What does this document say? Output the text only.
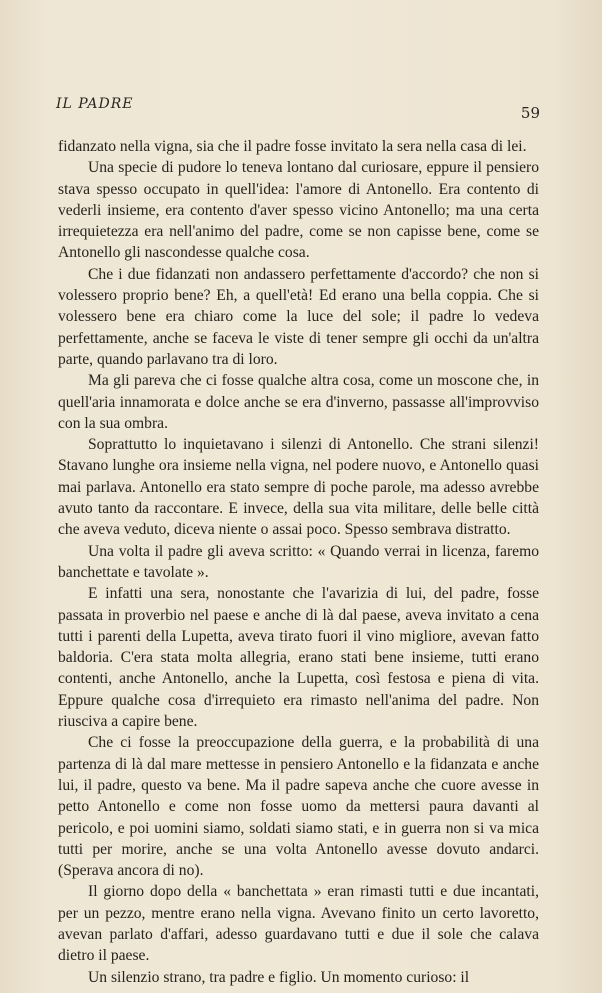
IL PADRE	59

fidanzato nella vigna, sia che il padre fosse invitato la sera nella casa di lei.

Una specie di pudore lo teneva lontano dal curiosare, eppure il pensiero stava spesso occupato in quell'idea: l'amore di Antonello. Era contento di vederli insieme, era contento d'aver spesso vicino Antonello; ma una certa irrequietezza era nell'animo del padre, come se non capisse bene, come se Antonello gli nascondesse qualche cosa.

Che i due fidanzati non andassero perfettamente d'accordo? che non si volessero proprio bene? Eh, a quell'età! Ed erano una bella coppia. Che si volessero bene era chiaro come la luce del sole; il padre lo vedeva perfettamente, anche se faceva le viste di tener sempre gli occhi da un'altra parte, quando parlavano tra di loro.

Ma gli pareva che ci fosse qualche altra cosa, come un moscone che, in quell'aria innamorata e dolce anche se era d'inverno, passasse all'improvviso con la sua ombra.

Soprattutto lo inquietavano i silenzi di Antonello. Che strani silenzi! Stavano lunghe ora insieme nella vigna, nel podere nuovo, e Antonello quasi mai parlava. Antonello era stato sempre di poche parole, ma adesso avrebbe avuto tanto da raccontare. E invece, della sua vita militare, delle belle città che aveva veduto, diceva niente o assai poco. Spesso sembrava distratto.

Una volta il padre gli aveva scritto: « Quando verrai in licenza, faremo banchettate e tavolate ».

E infatti una sera, nonostante che l'avarizia di lui, del padre, fosse passata in proverbio nel paese e anche di là dal paese, aveva invitato a cena tutti i parenti della Lupetta, aveva tirato fuori il vino migliore, avevan fatto baldoria. C'era stata molta allegria, erano stati bene insieme, tutti erano contenti, anche Antonello, anche la Lupetta, così festosa e piena di vita. Eppure qualche cosa d'irrequieto era rimasto nell'anima del padre. Non riusciva a capire bene.

Che ci fosse la preoccupazione della guerra, e la probabilità di una partenza di là dal mare mettesse in pensiero Antonello e la fidanzata e anche lui, il padre, questo va bene. Ma il padre sapeva anche che cuore avesse in petto Antonello e come non fosse uomo da mettersi paura davanti al pericolo, e poi uomini siamo, soldati siamo stati, e in guerra non si va mica tutti per morire, anche se una volta Antonello avesse dovuto andarci. (Sperava ancora di no).

Il giorno dopo della « banchettata » eran rimasti tutti e due incantati, per un pezzo, mentre erano nella vigna. Avevano finito un certo lavoretto, avevan parlato d'affari, adesso guardavano tutti e due il sole che calava dietro il paese.

Un silenzio strano, tra padre e figlio. Un momento curioso: il
